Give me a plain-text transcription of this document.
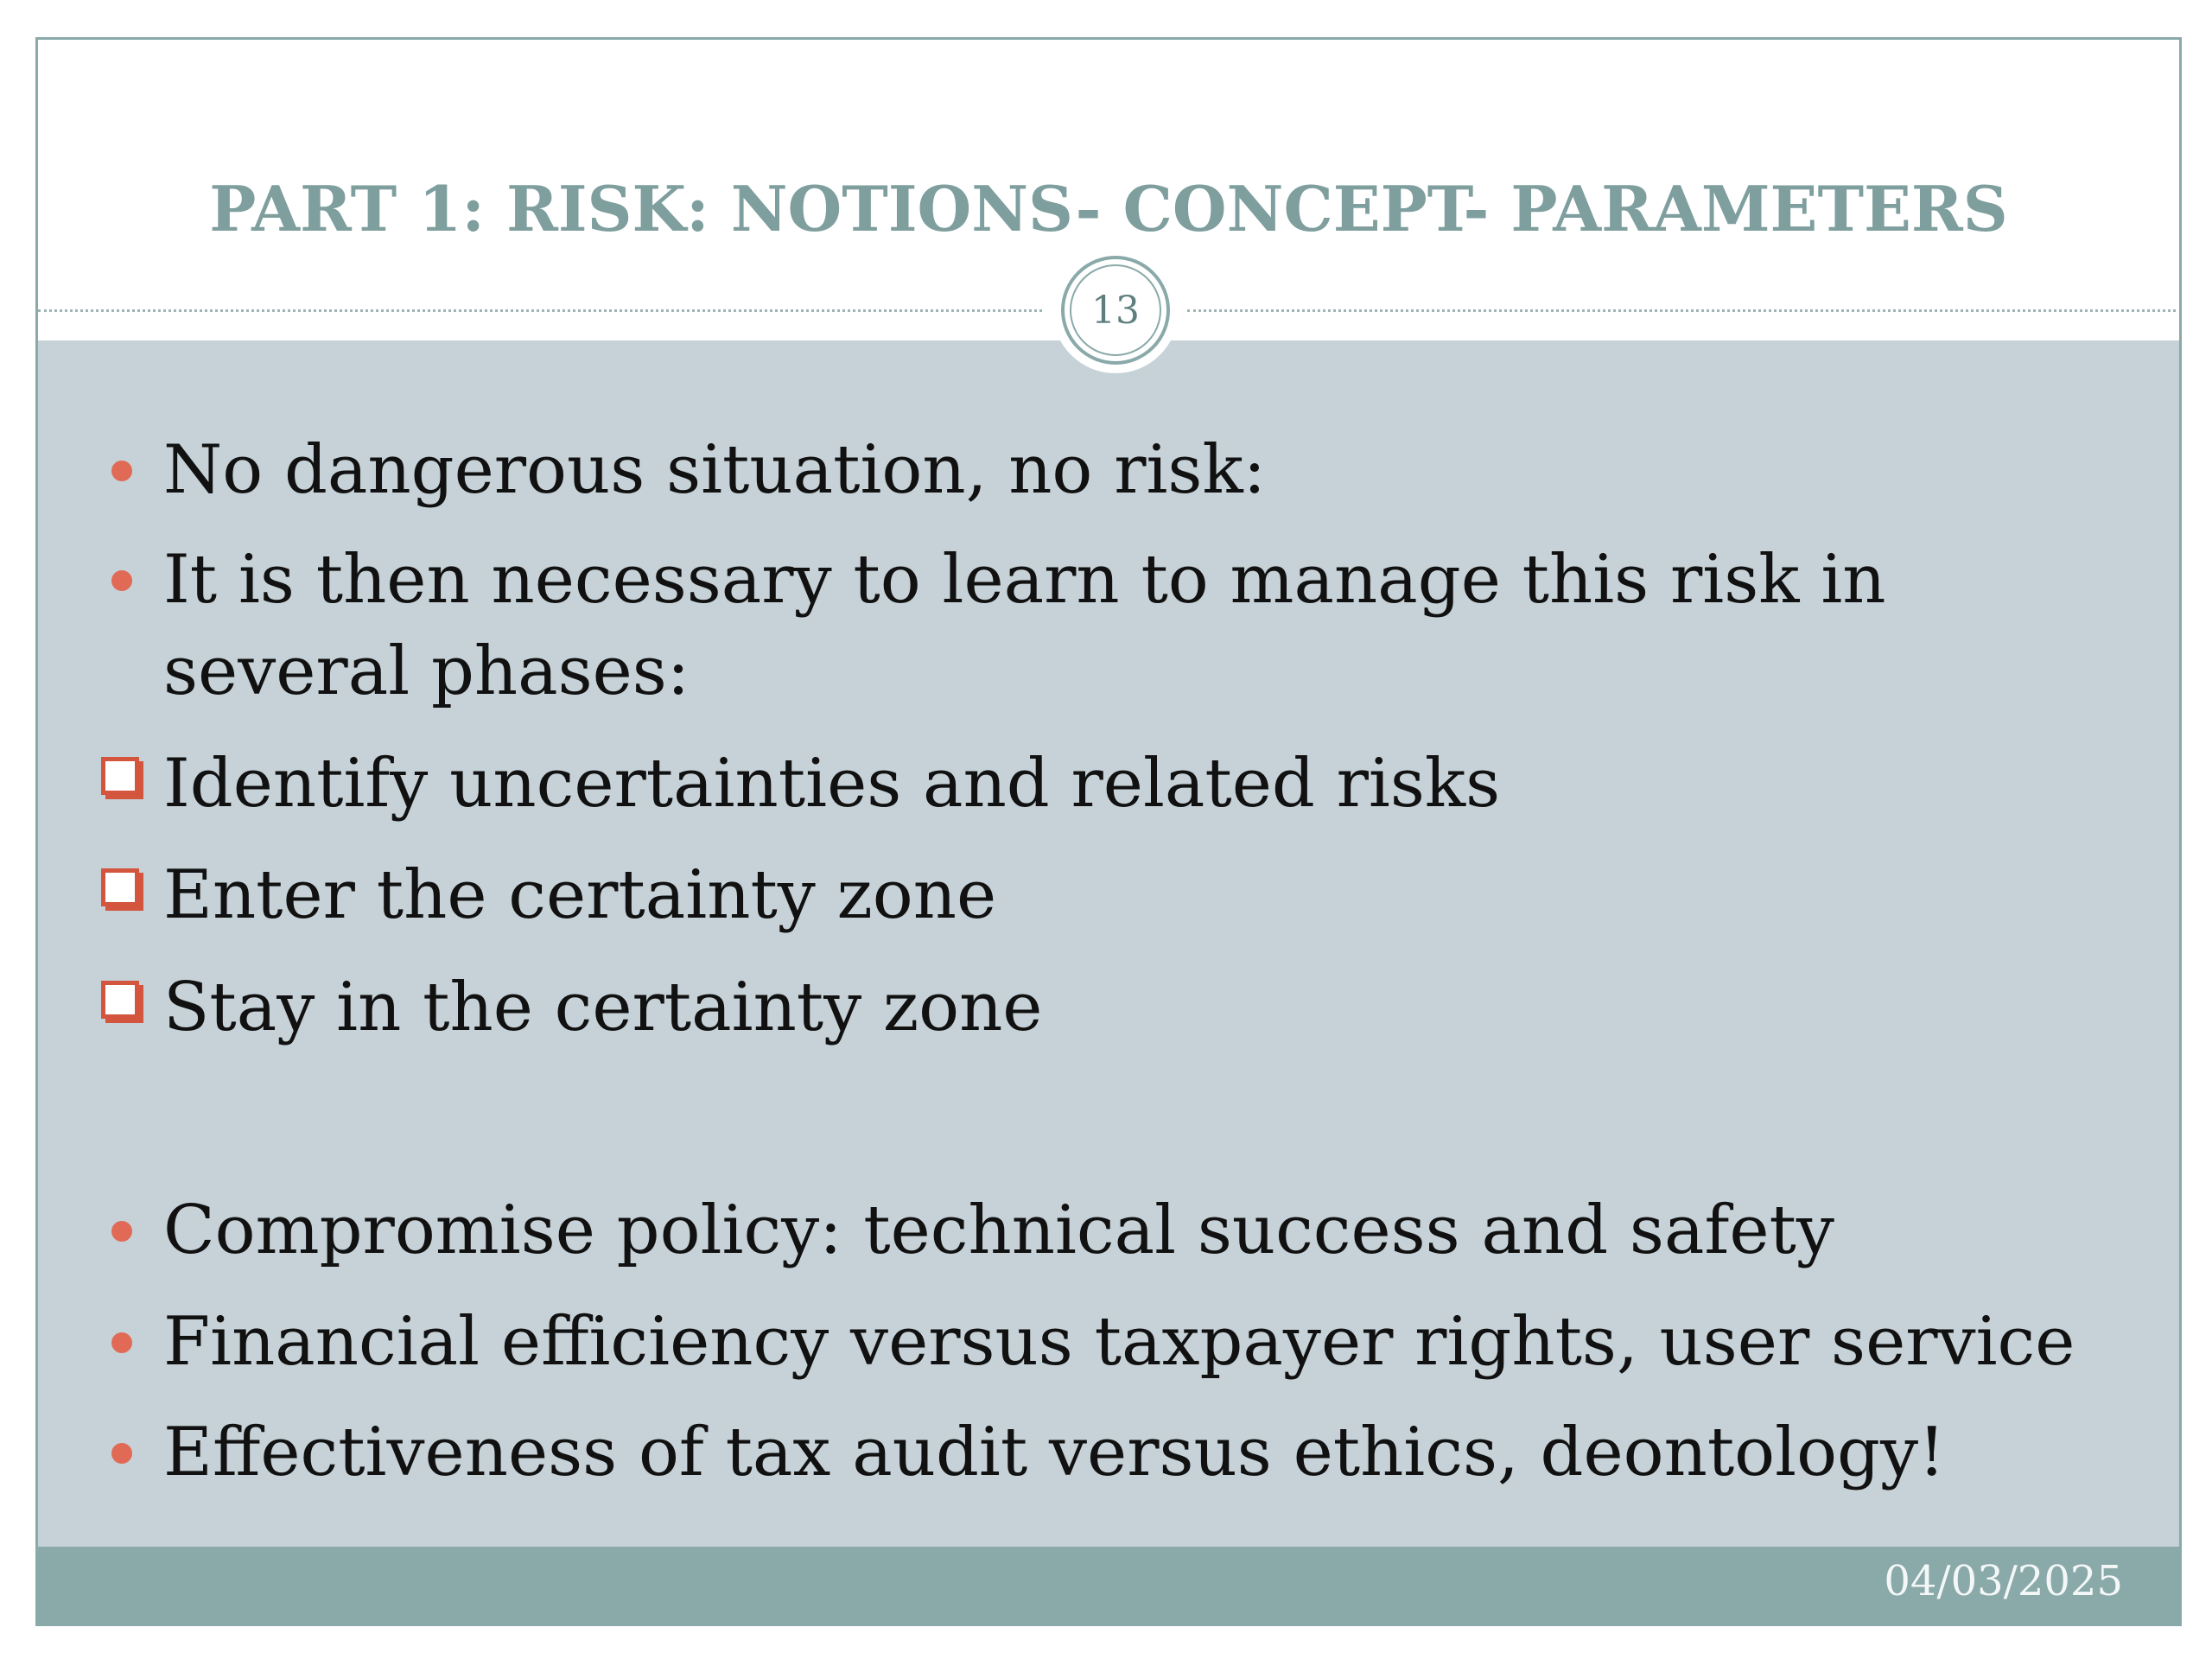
PART 1: RISK: NOTIONS- CONCEPT- PARAMETERS
13
No dangerous situation, no risk:
It is then necessary to learn to manage this risk in several phases:
Identify uncertainties and related risks
Enter the certainty zone
Stay in the certainty zone
Compromise policy: technical success and safety
Financial efficiency versus taxpayer rights, user service
Effectiveness of tax audit versus ethics, deontology!
04/03/2025
